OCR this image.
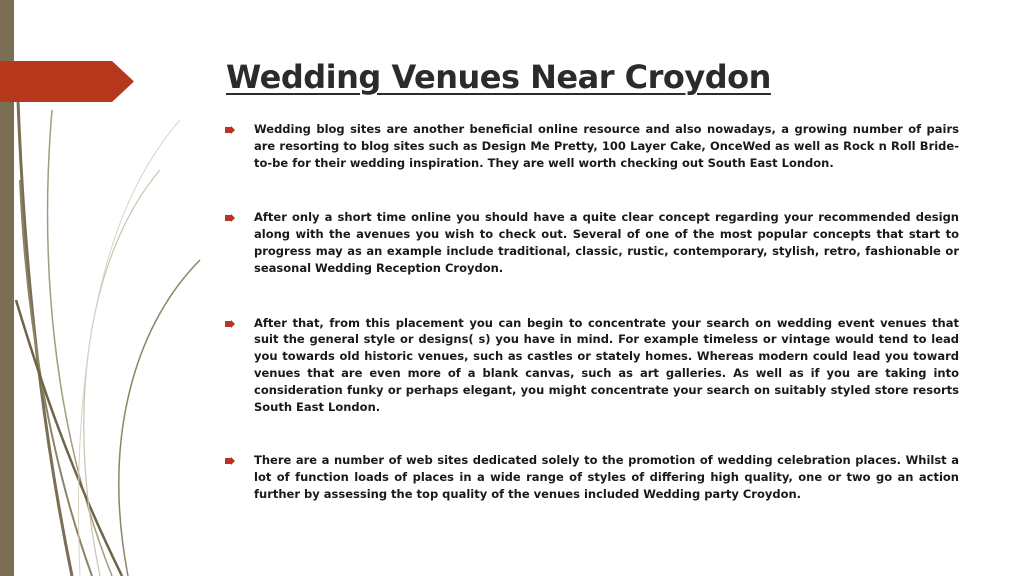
Wedding Venues Near Croydon
Wedding blog sites are another beneficial online resource and also nowadays, a growing number of pairs are resorting to blog sites such as Design Me Pretty, 100 Layer Cake, OnceWed as well as Rock n Roll Bride-to-be for their wedding inspiration. They are well worth checking out South East London.
After only a short time online you should have a quite clear concept regarding your recommended design along with the avenues you wish to check out. Several of one of the most popular concepts that start to progress may as an example include traditional, classic, rustic, contemporary, stylish, retro, fashionable or seasonal Wedding Reception Croydon.
After that, from this placement you can begin to concentrate your search on wedding event venues that suit the general style or designs( s) you have in mind. For example timeless or vintage would tend to lead you towards old historic venues, such as castles or stately homes. Whereas modern could lead you toward venues that are even more of a blank canvas, such as art galleries. As well as if you are taking into consideration funky or perhaps elegant, you might concentrate your search on suitably styled store resorts South East London.
There are a number of web sites dedicated solely to the promotion of wedding celebration places. Whilst a lot of function loads of places in a wide range of styles of differing high quality, one or two go an action further by assessing the top quality of the venues included Wedding party Croydon.
